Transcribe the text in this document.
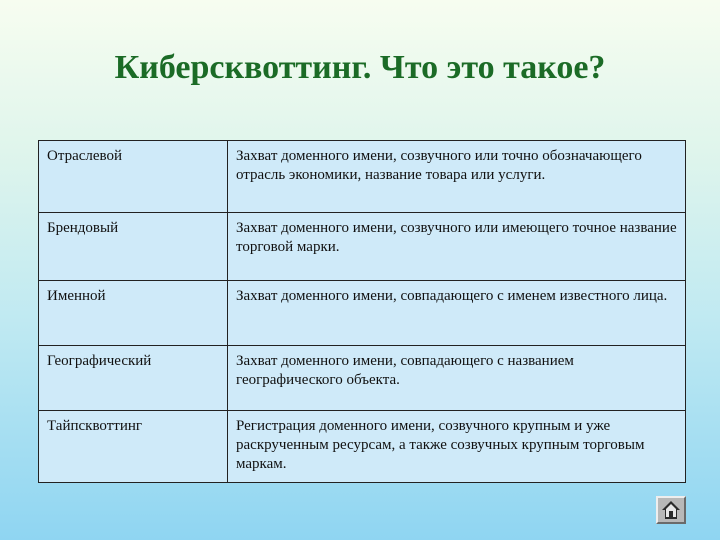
Киберсквоттинг. Что это такое?
Отраслевой	Захват доменного имени, созвучного или точно обозначающего отрасль экономики, название товара или услуги.
Брендовый	Захват доменного имени, созвучного или имеющего точное название торговой марки.
Именной	Захват доменного имени, совпадающего с именем известного лица.
Географический	Захват доменного имени, совпадающего с названием географического объекта.
Тайпсквоттинг	Регистрация доменного имени, созвучного крупным и уже раскрученным ресурсам, а также созвучных крупным торговым маркам.
